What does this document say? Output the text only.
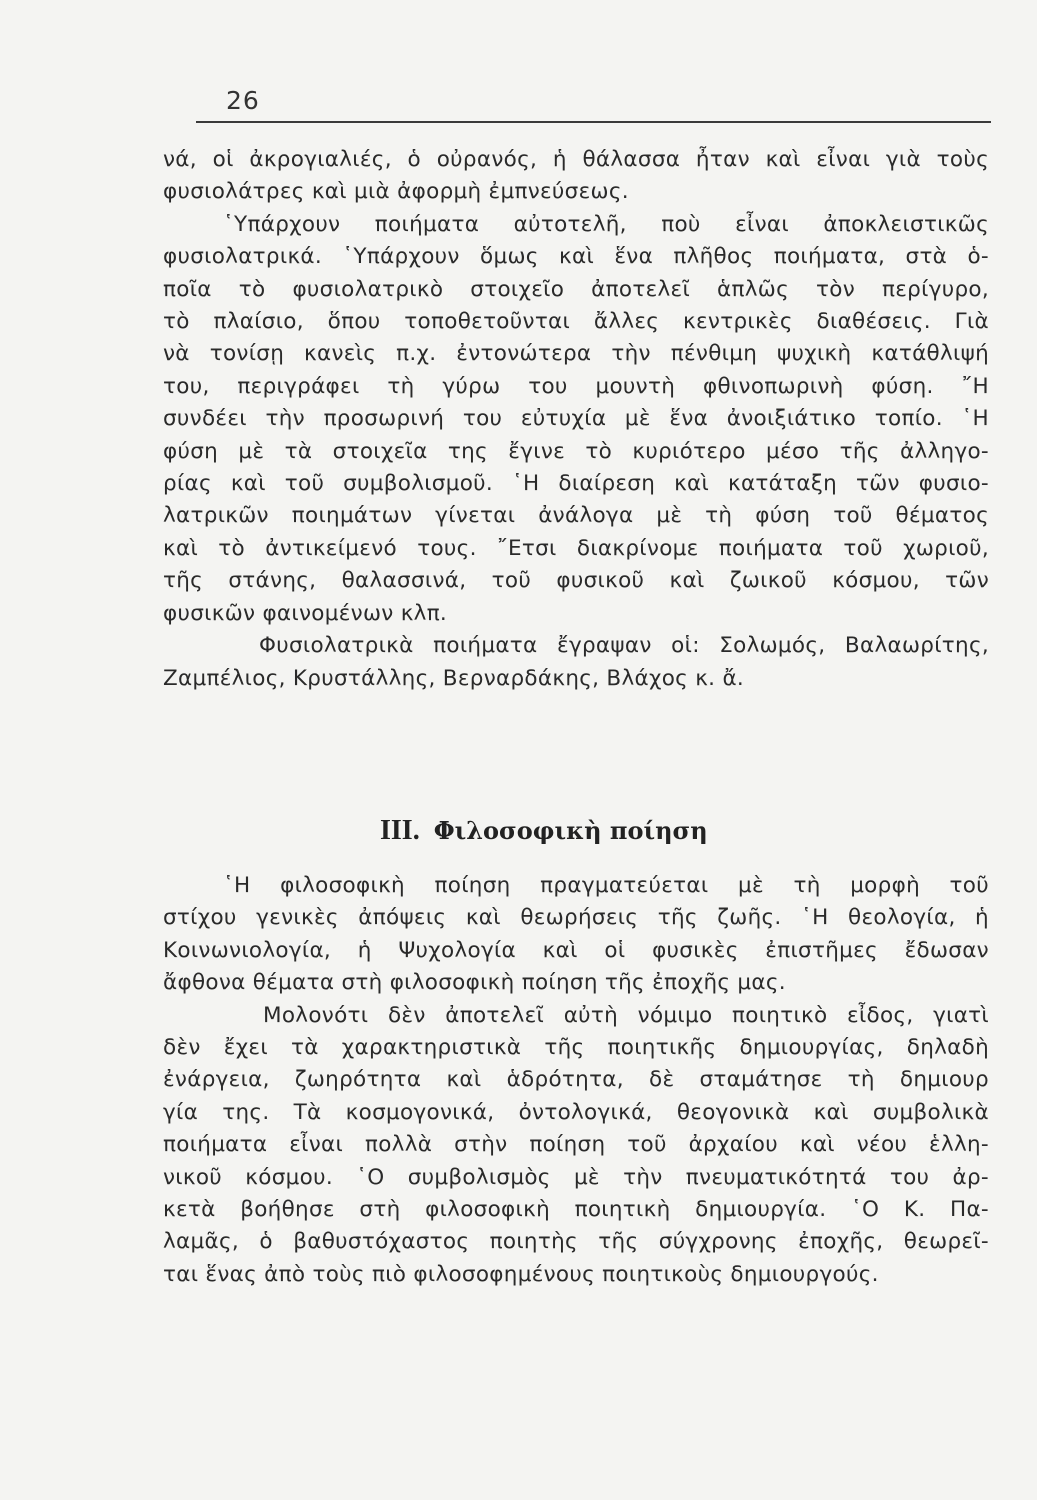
26
νά, οἱ ἀκρογιαλιές, ὁ οὐρανός, ἡ θάλασσα ἦταν καὶ εἶναι γιὰ τοὺς
φυσιολάτρες καὶ μιὰ ἀφορμὴ ἐμπνεύσεως.
῾Υπάρχουν ποιήματα αὐτοτελῆ, ποὺ εἶναι ἀποκλειστικῶς
φυσιολατρικά. ῾Υπάρχουν ὅμως καὶ ἕνα πλῆθος ποιήματα, στὰ ὁ-
ποῖα τὸ φυσιολατρικὸ στοιχεῖο ἀποτελεῖ ἁπλῶς τὸν περίγυρο,
τὸ πλαίσιο, ὅπου τοποθετοῦνται ἄλλες κεντρικὲς διαθέσεις. Γιὰ
νὰ τονίσῃ κανεὶς π.χ. ἐντονώτερα τὴν πένθιμη ψυχικὴ κατάθλιψή
του, περιγράφει τὴ γύρω του μουντὴ φθινοπωρινὴ φύση. ῎Η
συνδέει τὴν προσωρινή του εὐτυχία μὲ ἕνα ἀνοιξιάτικο τοπίο. ῾Η
φύση μὲ τὰ στοιχεῖα της ἔγινε τὸ κυριότερο μέσο τῆς ἀλληγο-
ρίας καὶ τοῦ συμβολισμοῦ. ῾Η διαίρεση καὶ κατάταξη τῶν φυσιο-
λατρικῶν ποιημάτων γίνεται ἀνάλογα μὲ τὴ φύση τοῦ θέματος
καὶ τὸ ἀντικείμενό τους. ῎Ετσι διακρίνομε ποιήματα τοῦ χωριοῦ,
τῆς στάνης, θαλασσινά, τοῦ φυσικοῦ καὶ ζωικοῦ κόσμου, τῶν
φυσικῶν φαινομένων κλπ.
Φυσιολατρικὰ ποιήματα ἔγραψαν οἱ: Σολωμός, Βαλαωρίτης,
Ζαμπέλιος, Κρυστάλλης, Βερναρδάκης, Βλάχος κ. ἄ.
III. Φιλοσοφικὴ ποίηση
῾Η φιλοσοφικὴ ποίηση πραγματεύεται μὲ τὴ μορφὴ τοῦ
στίχου γενικὲς ἀπόψεις καὶ θεωρήσεις τῆς ζωῆς. ῾Η θεολογία, ἡ
Κοινωνιολογία, ἡ Ψυχολογία καὶ οἱ φυσικὲς ἐπιστῆμες ἔδωσαν
ἄφθονα θέματα στὴ φιλοσοφικὴ ποίηση τῆς ἐποχῆς μας.
Μολονότι δὲν ἀποτελεῖ αὐτὴ νόμιμο ποιητικὸ εἶδος, γιατὶ
δὲν ἔχει τὰ χαρακτηριστικὰ τῆς ποιητικῆς δημιουργίας, δηλαδὴ
ἐνάργεια, ζωηρότητα καὶ ἁδρότητα, δὲ σταμάτησε τὴ δημιουρ
γία της. Τὰ κοσμογονικά, ὀντολογικά, θεογονικὰ καὶ συμβολικὰ
ποιήματα εἶναι πολλὰ στὴν ποίηση τοῦ ἀρχαίου καὶ νέου ἑλλη-
νικοῦ κόσμου. ῾Ο συμβολισμὸς μὲ τὴν πνευματικότητά του ἀρ-
κετὰ βοήθησε στὴ φιλοσοφικὴ ποιητικὴ δημιουργία. ῾Ο Κ. Πα-
λαμᾶς, ὁ βαθυστόχαστος ποιητὴς τῆς σύγχρονης ἐποχῆς, θεωρεῖ-
ται ἕνας ἀπὸ τοὺς πιὸ φιλοσοφημένους ποιητικοὺς δημιουργούς.
